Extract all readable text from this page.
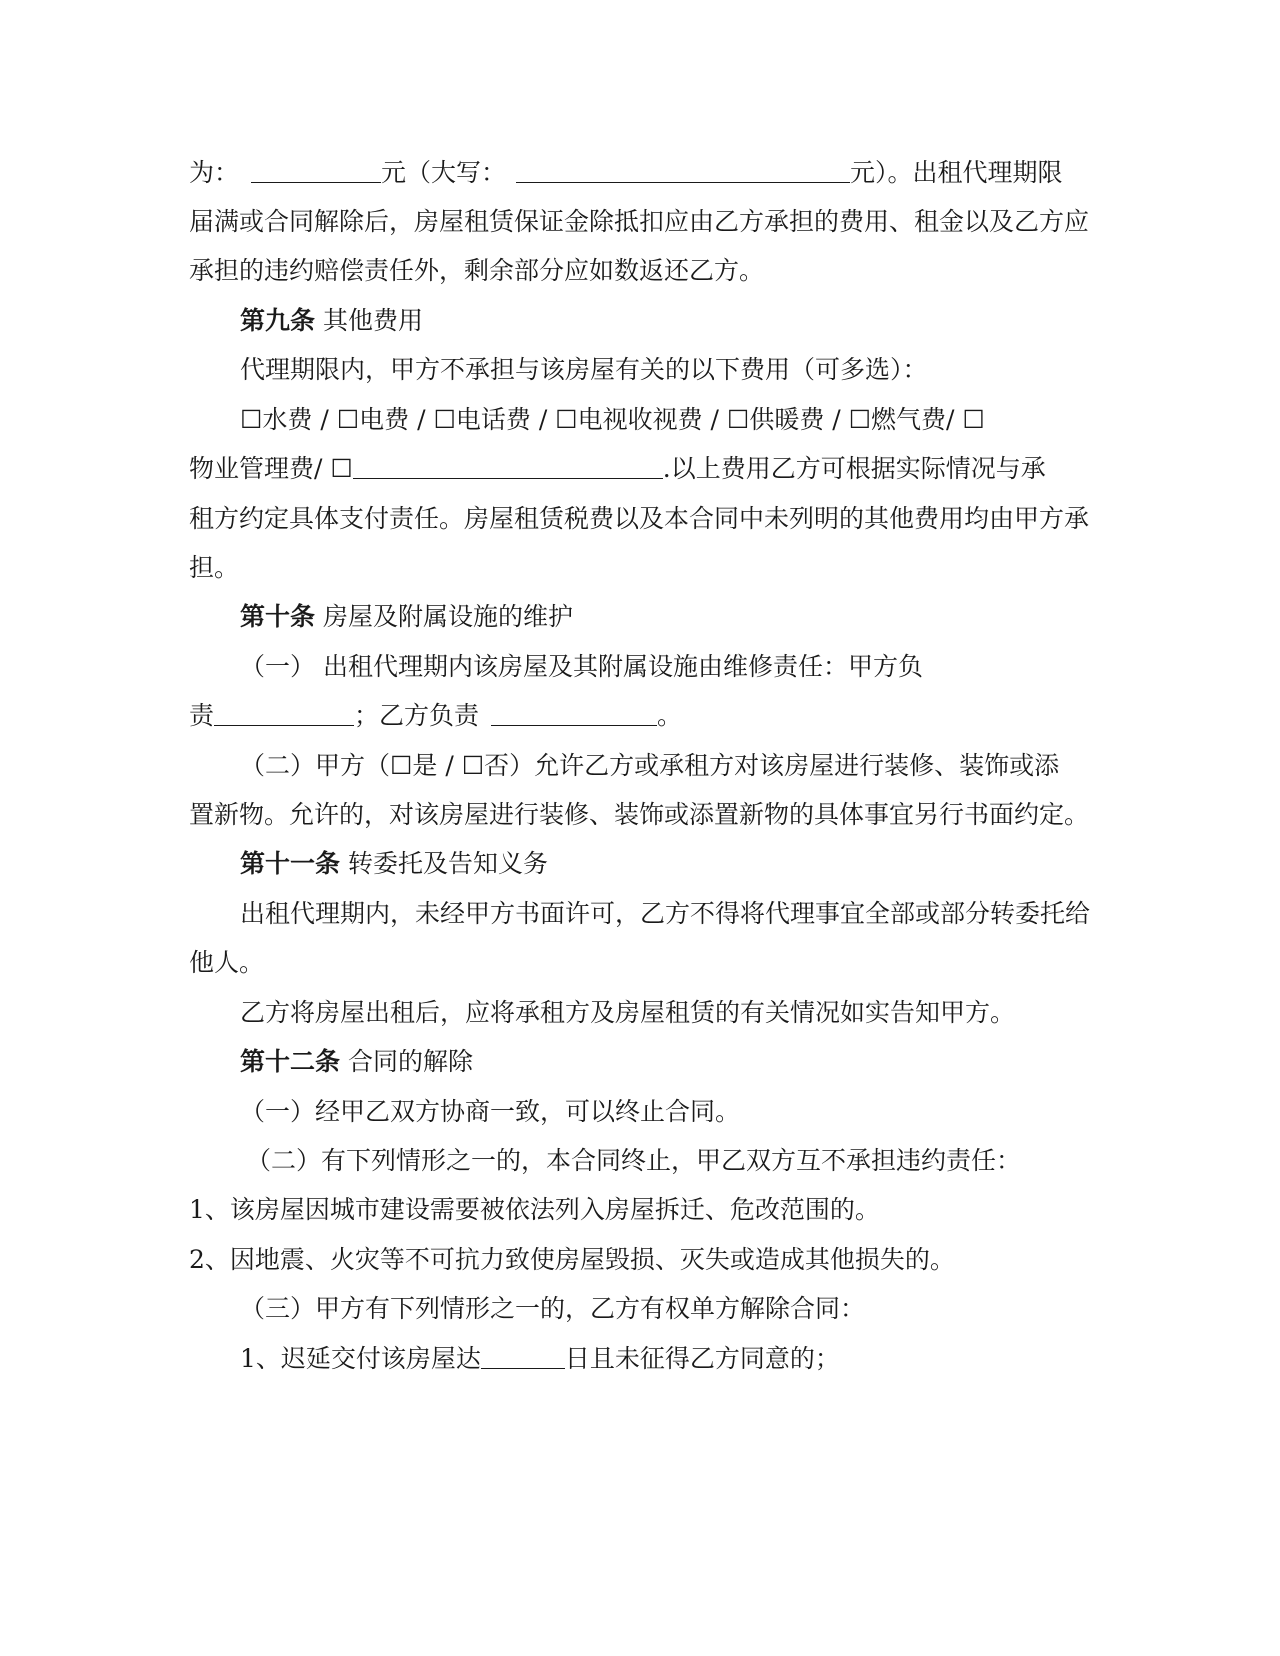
为：	元（大写：	元）。出租代理期限
届满或合同解除后，房屋租赁保证金除抵扣应由乙方承担的费用、租金以及乙方应
承担的违约赔偿责任外，剩余部分应如数返还乙方。
第九条 其他费用
代理期限内，甲方不承担与该房屋有关的以下费用（可多选）：
☐水费 / ☐电费 / ☐电话费 / ☐电视收视费 / ☐供暖费 / ☐燃气费/ ☐
物业管理费/ ☐	.以上费用乙方可根据实际情况与承
租方约定具体支付责任。房屋租赁税费以及本合同中未列明的其他费用均由甲方承
担。
第十条 房屋及附属设施的维护
（一） 出租代理期内该房屋及其附属设施由维修责任：甲方负
责	；乙方负责	。
（二）甲方（☐是 / ☐否）允许乙方或承租方对该房屋进行装修、装饰或添
置新物。允许的，对该房屋进行装修、装饰或添置新物的具体事宜另行书面约定。
第十一条 转委托及告知义务
出租代理期内，未经甲方书面许可，乙方不得将代理事宜全部或部分转委托给
他人。
乙方将房屋出租后，应将承租方及房屋租赁的有关情况如实告知甲方。
第十二条 合同的解除
（一）经甲乙双方协商一致，可以终止合同。
（二）有下列情形之一的，本合同终止，甲乙双方互不承担违约责任：
1、该房屋因城市建设需要被依法列入房屋拆迁、危改范围的。
2、因地震、火灾等不可抗力致使房屋毁损、灭失或造成其他损失的。
（三）甲方有下列情形之一的，乙方有权单方解除合同：
1、迟延交付该房屋达	日且未征得乙方同意的；
